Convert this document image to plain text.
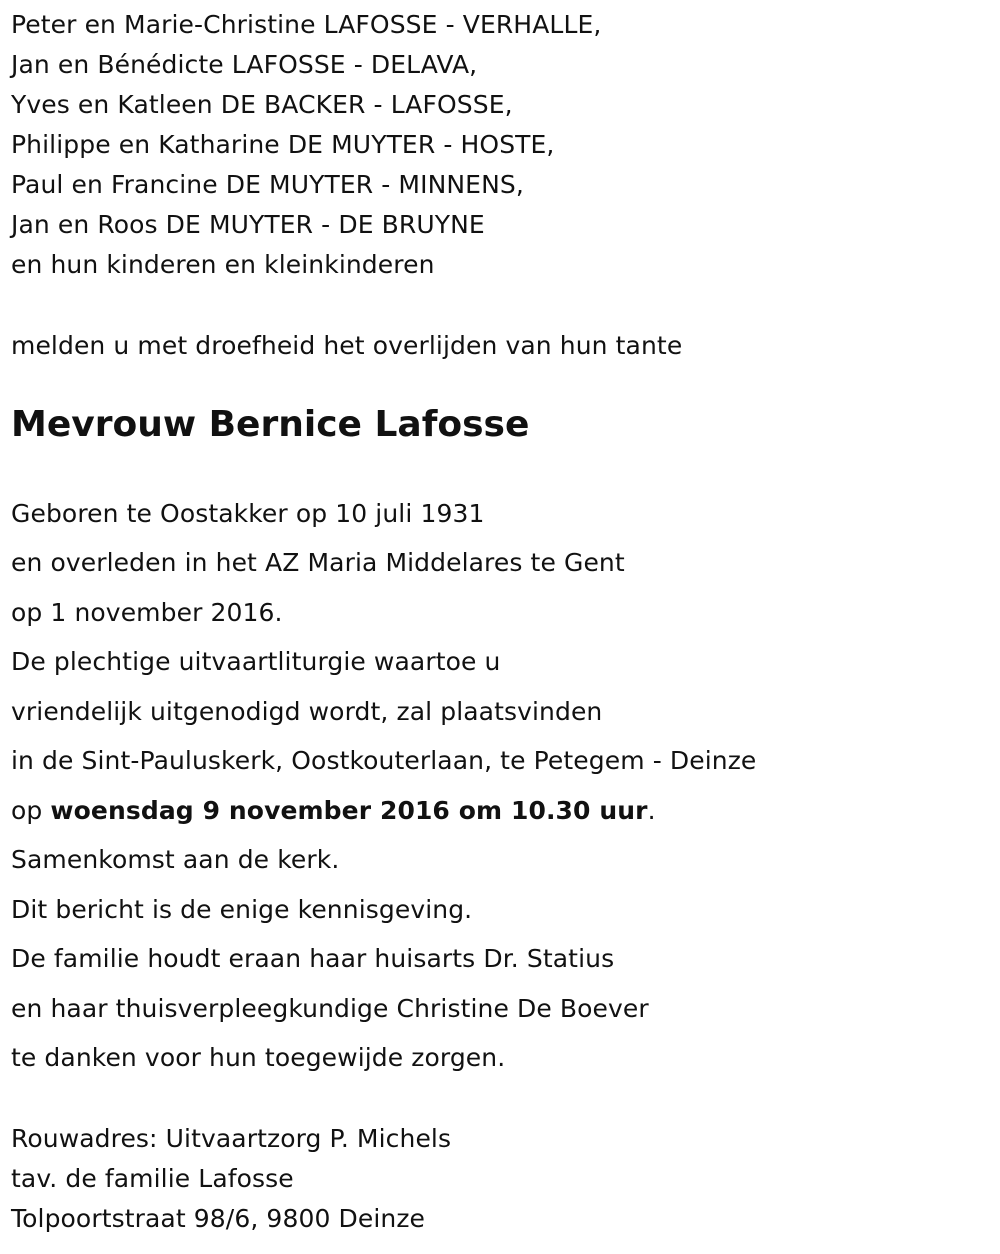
Peter en Marie-Christine LAFOSSE - VERHALLE,
Jan en Bénédicte LAFOSSE - DELAVA,
Yves en Katleen DE BACKER - LAFOSSE,
Philippe en Katharine DE MUYTER - HOSTE,
Paul en Francine DE MUYTER - MINNENS,
Jan en Roos DE MUYTER - DE BRUYNE
en hun kinderen en kleinkinderen
melden u met droefheid het overlijden van hun tante
Mevrouw Bernice Lafosse
Geboren te Oostakker op 10 juli 1931
en overleden in het AZ Maria Middelares te Gent
op 1 november 2016.
De plechtige uitvaartliturgie waartoe u
vriendelijk uitgenodigd wordt, zal plaatsvinden
in de Sint-Pauluskerk, Oostkouterlaan, te Petegem - Deinze
op woensdag 9 november 2016 om 10.30 uur.
Samenkomst aan de kerk.
Dit bericht is de enige kennisgeving.
De familie houdt eraan haar huisarts Dr. Statius
en haar thuisverpleegkundige Christine De Boever
te danken voor hun toegewijde zorgen.
Rouwadres: Uitvaartzorg P. Michels
tav. de familie Lafosse
Tolpoortstraat 98/6, 9800 Deinze
